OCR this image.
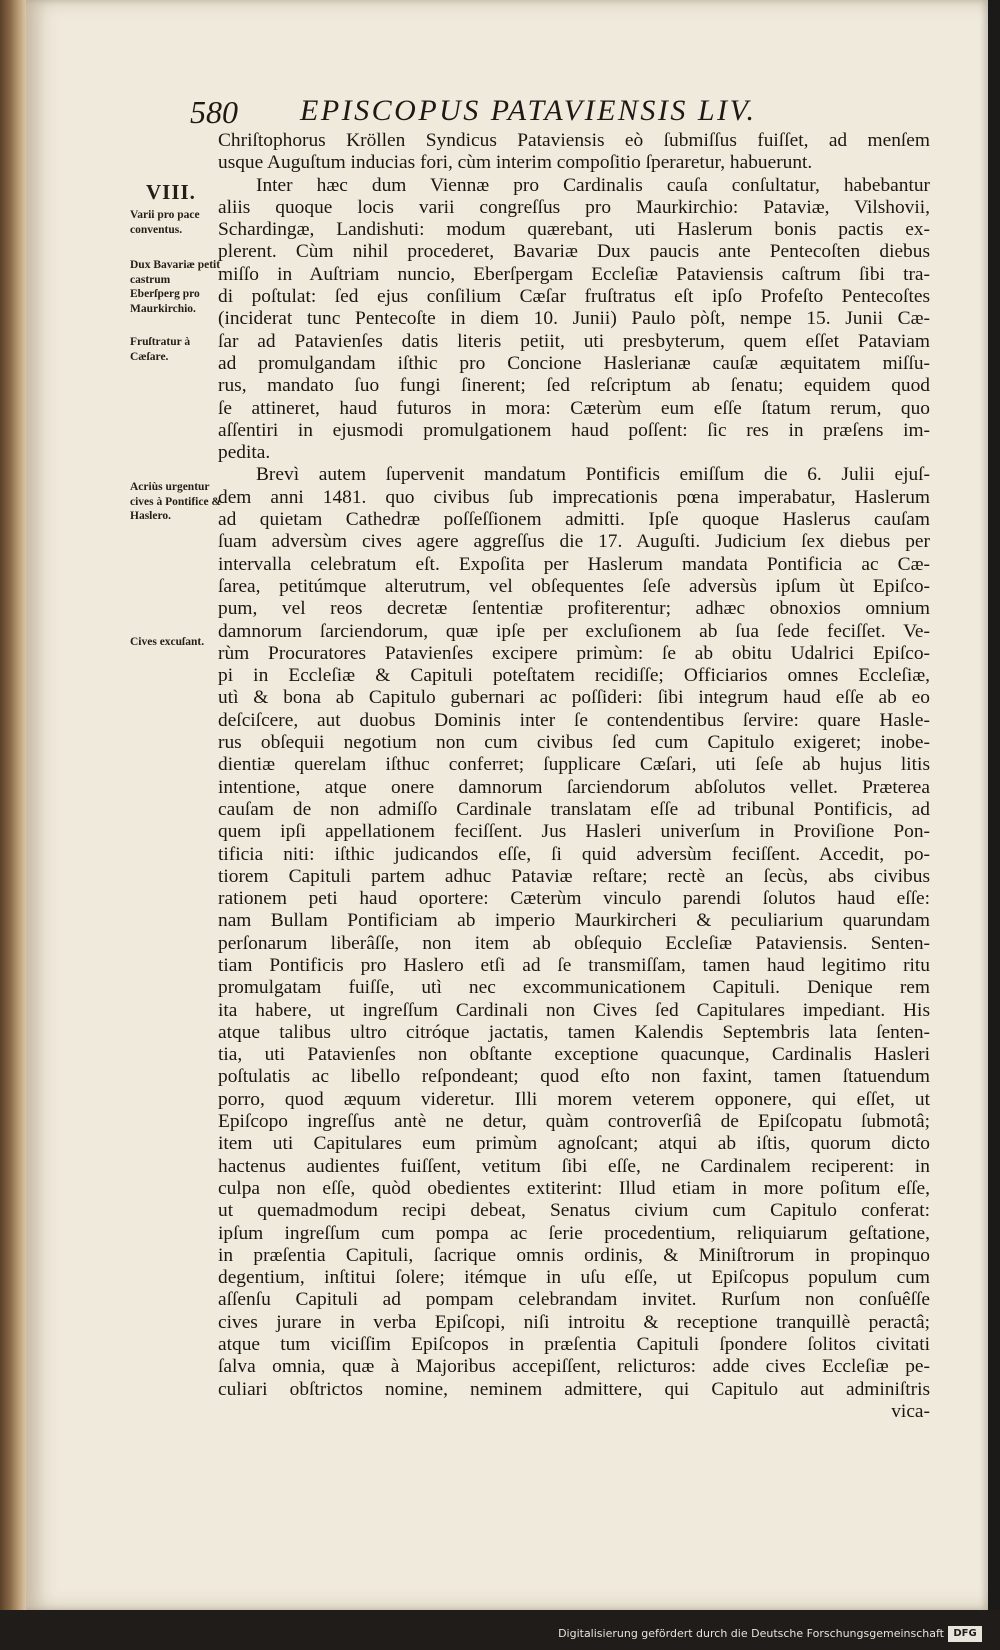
580 EPISCOPUS PATAVIENSIS LIV.
VIII.
Varii pro pace conventus.
Dux Bavariæ petit castrum Eberſperg pro Maurkirchio.
Fruſtratur à Cæſare.
Acriùs urgentur cives à Pontifice & Haslero.
Cives excuſant.
Chriſtophorus Kröllen Syndicus Pataviensis eò ſubmiſſus fuiſſet, ad menſem
usque Auguſtum inducias fori, cùm interim compoſitio ſperaretur, habuerunt.
Inter hæc dum Viennæ pro Cardinalis cauſa conſultatur, habebantur
aliis quoque locis varii congreſſus pro Maurkirchio: Pataviæ, Vilshovii,
Schardingæ, Landishuti: modum quærebant, uti Haslerum bonis pactis ex-
plerent. Cùm nihil procederet, Bavariæ Dux paucis ante Pentecoſten diebus
miſſo in Auſtriam nuncio, Eberſpergam Eccleſiæ Pataviensis caſtrum ſibi tra-
di poſtulat: ſed ejus conſilium Cæſar fruſtratus eſt ipſo Profeſto Pentecoſtes
(inciderat tunc Pentecoſte in diem 10. Junii) Paulo pòſt, nempe 15. Junii Cæ-
ſar ad Patavienſes datis literis petiit, uti presbyterum, quem eſſet Pataviam
ad promulgandam iſthic pro Concione Haslerianæ cauſæ æquitatem miſſu-
rus, mandato ſuo fungi ſinerent; ſed reſcriptum ab ſenatu; equidem quod
ſe attineret, haud futuros in mora: Cæterùm eum eſſe ſtatum rerum, quo
aſſentiri in ejusmodi promulgationem haud poſſent: ſic res in præſens im-
pedita.
Brevì autem ſupervenit mandatum Pontificis emiſſum die 6. Julii ejuſ-
dem anni 1481. quo civibus ſub imprecationis pœna imperabatur, Haslerum
ad quietam Cathedræ poſſeſſionem admitti. Ipſe quoque Haslerus cauſam
ſuam adversùm cives agere aggreſſus die 17. Auguſti. Judicium ſex diebus per
intervalla celebratum eſt. Expoſita per Haslerum mandata Pontificia ac Cæ-
ſarea, petitúmque alterutrum, vel obſequentes ſeſe adversùs ipſum ùt Epiſco-
pum, vel reos decretæ ſententiæ profiterentur; adhæc obnoxios omnium
damnorum ſarciendorum, quæ ipſe per excluſionem ab ſua ſede feciſſet. Ve-
rùm Procuratores Patavienſes excipere primùm: ſe ab obitu Udalrici Epiſco-
pi in Eccleſiæ & Capituli poteſtatem recidiſſe; Officiarios omnes Eccleſiæ,
utì & bona ab Capitulo gubernari ac poſſideri: ſibi integrum haud eſſe ab eo
deſciſcere, aut duobus Dominis inter ſe contendentibus ſervire: quare Hasle-
rus obſequii negotium non cum civibus ſed cum Capitulo exigeret; inobe-
dientiæ querelam iſthuc conferret; ſupplicare Cæſari, uti ſeſe ab hujus litis
intentione, atque onere damnorum ſarciendorum abſolutos vellet. Præterea
cauſam de non admiſſo Cardinale translatam eſſe ad tribunal Pontificis, ad
quem ipſi appellationem feciſſent. Jus Hasleri univerſum in Proviſione Pon-
tificia niti: iſthic judicandos eſſe, ſi quid adversùm feciſſent. Accedit, po-
tiorem Capituli partem adhuc Pataviæ reſtare; rectè an ſecùs, abs civibus
rationem peti haud oportere: Cæterùm vinculo parendi ſolutos haud eſſe:
nam Bullam Pontificiam ab imperio Maurkircheri & peculiarium quarundam
perſonarum liberâſſe, non item ab obſequio Eccleſiæ Pataviensis. Senten-
tiam Pontificis pro Haslero etſi ad ſe transmiſſam, tamen haud legitimo ritu
promulgatam fuiſſe, utì nec excommunicationem Capituli. Denique rem
ita habere, ut ingreſſum Cardinali non Cives ſed Capitulares impediant. His
atque talibus ultro citróque jactatis, tamen Kalendis Septembris lata ſenten-
tia, uti Patavienſes non obſtante exceptione quacunque, Cardinalis Hasleri
poſtulatis ac libello reſpondeant; quod eſto non faxint, tamen ſtatuendum
porro, quod æquum videretur. Illi morem veterem opponere, qui eſſet, ut
Epiſcopo ingreſſus antè ne detur, quàm controverſiâ de Epiſcopatu ſubmotâ;
item uti Capitulares eum primùm agnoſcant; atqui ab iſtis, quorum dicto
hactenus audientes fuiſſent, vetitum ſibi eſſe, ne Cardinalem reciperent: in
culpa non eſſe, quòd obedientes extiterint: Illud etiam in more poſitum eſſe,
ut quemadmodum recipi debeat, Senatus civium cum Capitulo conferat:
ipſum ingreſſum cum pompa ac ſerie procedentium, reliquiarum geſtatione,
in præſentia Capituli, ſacrique omnis ordinis, & Miniſtrorum in propinquo
degentium, inſtitui ſolere; itémque in uſu eſſe, ut Epiſcopus populum cum
aſſenſu Capituli ad pompam celebrandam invitet. Rurſum non conſuêſſe
cives jurare in verba Epiſcopi, niſi introitu & receptione tranquillè peractâ;
atque tum viciſſim Epiſcopos in præſentia Capituli ſpondere ſolitos civitati
ſalva omnia, quæ à Majoribus accepiſſent, relicturos: adde cives Eccleſiæ pe-
culiari obſtrictos nomine, neminem admittere, qui Capitulo aut adminiſtris
vica-
Digitalisierung gefördert durch die Deutsche Forschungsgemeinschaft DFG
